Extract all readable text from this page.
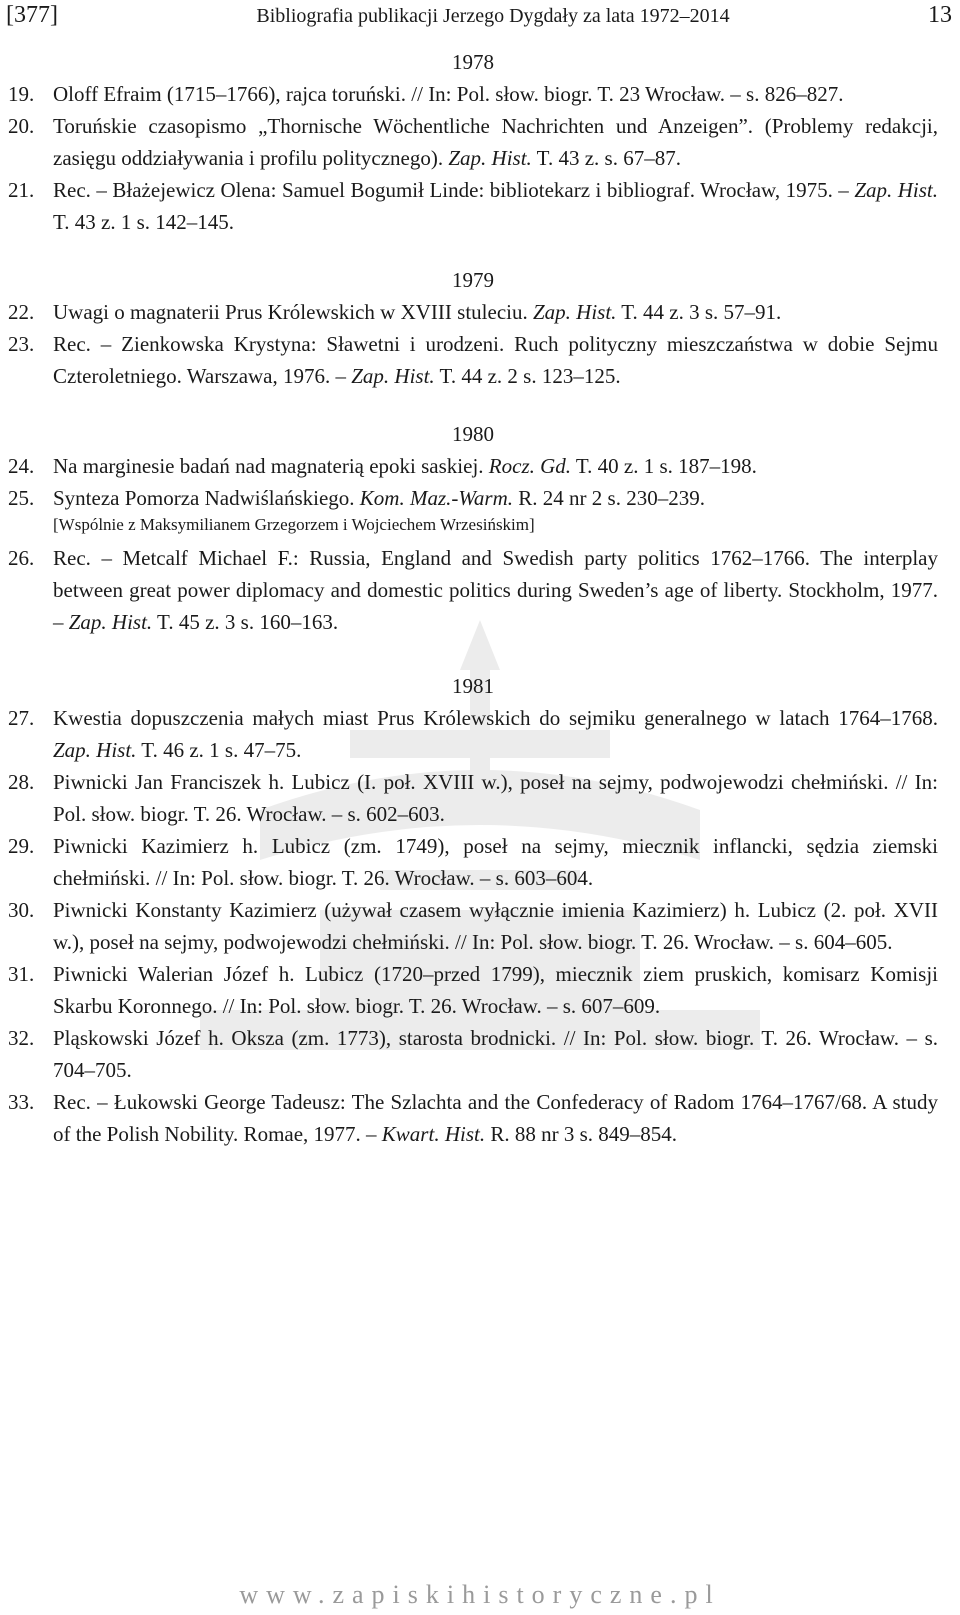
[377]	Bibliografia publikacji Jerzego Dygdały za lata 1972–2014	13
1978
19. Oloff Efraim (1715–1766), rajca toruński. // In: Pol. słow. biogr. T. 23 Wrocław. – s. 826–827.
20. Toruńskie czasopismo „Thornische Wöchentliche Nachrichten und Anzeigen”. (Problemy redakcji, zasięgu oddziaływania i profilu politycznego). Zap. Hist. T. 43 z. s. 67–87.
21. Rec. – Błażejewicz Olena: Samuel Bogumił Linde: bibliotekarz i bibliograf. Wrocław, 1975. – Zap. Hist. T. 43 z. 1 s. 142–145.
1979
22. Uwagi o magnaterii Prus Królewskich w XVIII stuleciu. Zap. Hist. T. 44 z. 3 s. 57–91.
23. Rec. – Zienkowska Krystyna: Sławetni i urodzeni. Ruch polityczny mieszczaństwa w dobie Sejmu Czteroletniego. Warszawa, 1976. – Zap. Hist. T. 44 z. 2 s. 123–125.
1980
24. Na marginesie badań nad magnaterią epoki saskiej. Rocz. Gd. T. 40 z. 1 s. 187–198.
25. Synteza Pomorza Nadwiślańskiego. Kom. Maz.-Warm. R. 24 nr 2 s. 230–239.
[Wspólnie z Maksymilianem Grzegorzem i Wojciechem Wrzesińskim]
26. Rec. – Metcalf Michael F.: Russia, England and Swedish party politics 1762–1766. The interplay between great power diplomacy and domestic politics during Sweden’s age of liberty. Stockholm, 1977. – Zap. Hist. T. 45 z. 3 s. 160–163.
1981
27. Kwestia dopuszczenia małych miast Prus Królewskich do sejmiku generalnego w latach 1764–1768. Zap. Hist. T. 46 z. 1 s. 47–75.
28. Piwnicki Jan Franciszek h. Lubicz (I. poł. XVIII w.), poseł na sejmy, podwojewodzi chełmiński. // In: Pol. słow. biogr. T. 26. Wrocław. – s. 602–603.
29. Piwnicki Kazimierz h. Lubicz (zm. 1749), poseł na sejmy, miecznik inflancki, sędzia ziemski chełmiński. // In: Pol. słow. biogr. T. 26. Wrocław. – s. 603–604.
30. Piwnicki Konstanty Kazimierz (używał czasem wyłącznie imienia Kazimierz) h. Lubicz (2. poł. XVII w.), poseł na sejmy, podwojewodzi chełmiński. // In: Pol. słow. biogr. T. 26. Wrocław. – s. 604–605.
31. Piwnicki Walerian Józef h. Lubicz (1720–przed 1799), miecznik ziem pruskich, komisarz Komisji Skarbu Koronnego. // In: Pol. słow. biogr. T. 26. Wrocław. – s. 607–609.
32. Pląskowski Józef h. Oksza (zm. 1773), starosta brodnicki. // In: Pol. słow. biogr. T. 26. Wrocław. – s. 704–705.
33. Rec. – Łukowski George Tadeusz: The Szlachta and the Confederacy of Radom 1764–1767/68. A study of the Polish Nobility. Romae, 1977. – Kwart. Hist. R. 88 nr 3 s. 849–854.
www.zapiskihistoryczne.pl
